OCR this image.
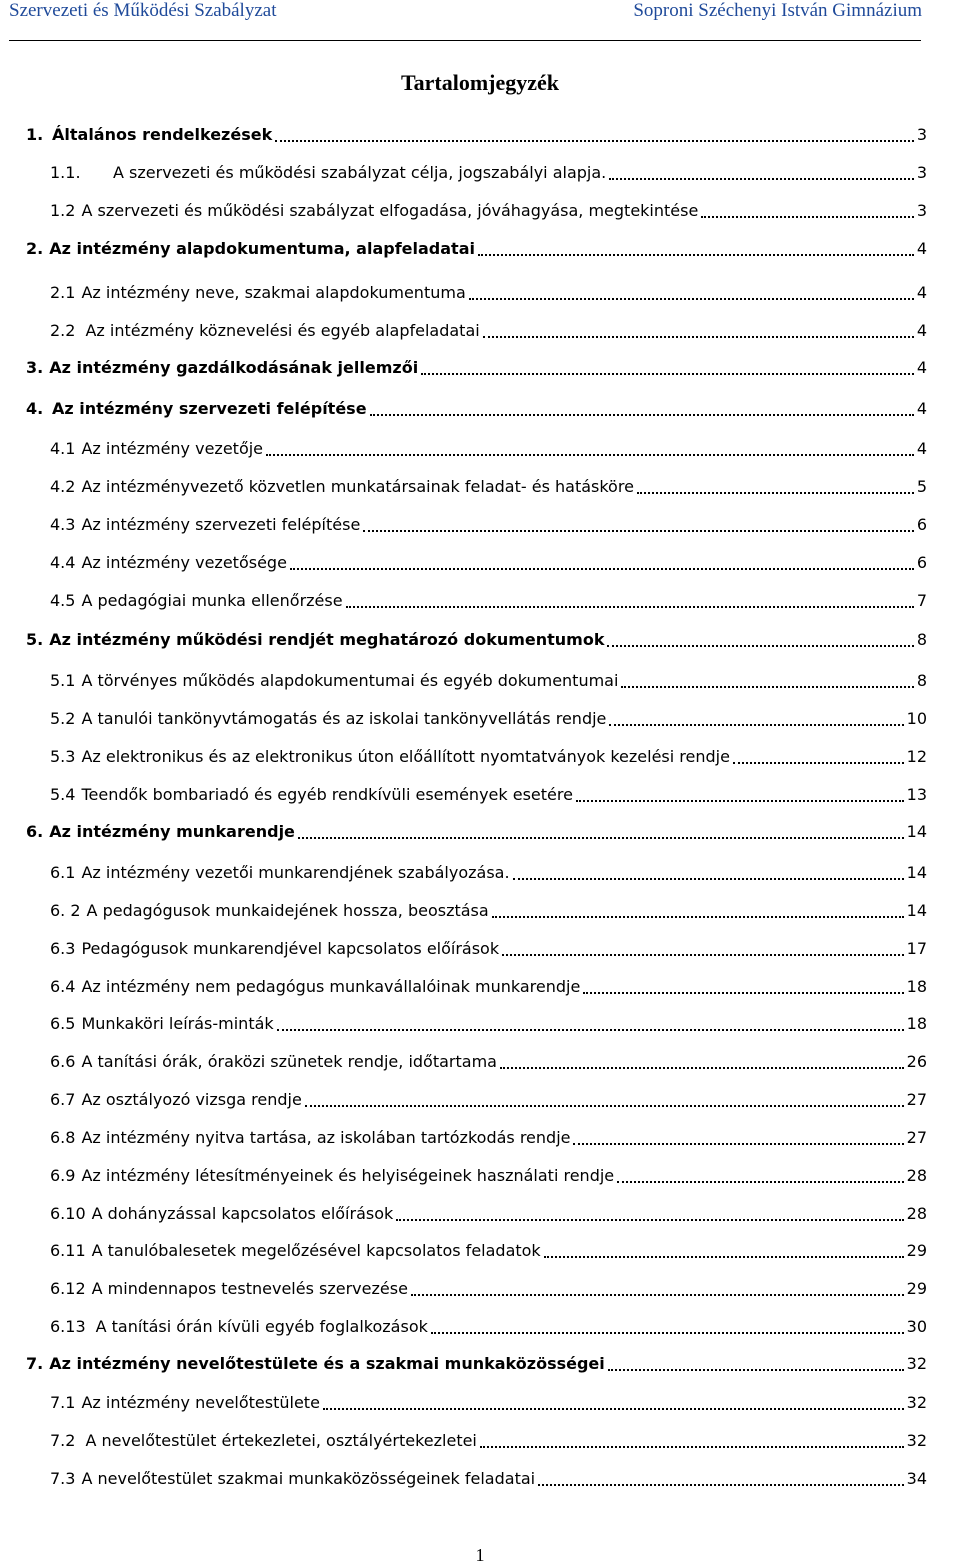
Szervezeti és Működési Szabályzat	Soproni Széchenyi István Gimnázium
Tartalomjegyzék
1. Általános rendelkezések	3
1.1.	A szervezeti és működési szabályzat célja, jogszabályi alapja.	3
1.2 A szervezeti és működési szabályzat elfogadása, jóváhagyása, megtekintése	3
2. Az intézmény alapdokumentuma, alapfeladatai	4
2.1 Az intézmény neve, szakmai alapdokumentuma	4
2.2 Az intézmény köznevelési és egyéb alapfeladatai	4
3. Az intézmény gazdálkodásának jellemzői	4
4. Az intézmény szervezeti felépítése	4
4.1 Az intézmény vezetője	4
4.2 Az intézményvezető közvetlen munkatársainak feladat- és hatásköre	5
4.3 Az intézmény szervezeti felépítése	6
4.4 Az intézmény vezetősége	6
4.5 A pedagógiai munka ellenőrzése	7
5. Az intézmény működési rendjét meghatározó dokumentumok	8
5.1 A törvényes működés alapdokumentumai és egyéb dokumentumai	8
5.2 A tanulói tankönyvtámogatás és az iskolai tankönyvellátás rendje	10
5.3 Az elektronikus és az elektronikus úton előállított nyomtatványok kezelési rendje	12
5.4 Teendők bombariadó és egyéb rendkívüli események esetére	13
6. Az intézmény munkarendje	14
6.1 Az intézmény vezetői munkarendjének szabályozása.	14
6. 2 A pedagógusok munkaidejének hossza, beosztása	14
6.3 Pedagógusok munkarendjével kapcsolatos előírások	17
6.4 Az intézmény nem pedagógus munkavállalóinak munkarendje	18
6.5 Munkaköri leírás-minták	18
6.6 A tanítási órák, óraközi szünetek rendje, időtartama	26
6.7 Az osztályozó vizsga rendje	27
6.8 Az intézmény nyitva tartása, az iskolában tartózkodás rendje	27
6.9 Az intézmény létesítményeinek és helyiségeinek használati rendje	28
6.10 A dohányzással kapcsolatos előírások	28
6.11 A tanulóbalesetek megelőzésével kapcsolatos feladatok	29
6.12 A mindennapos testnevelés szervezése	29
6.13 A tanítási órán kívüli egyéb foglalkozások	30
7. Az intézmény nevelőtestülete és a szakmai munkaközösségei	32
7.1 Az intézmény nevelőtestülete	32
7.2 A nevelőtestület értekezletei, osztályértekezletei	32
7.3 A nevelőtestület szakmai munkaközösségeinek feladatai	34
1
